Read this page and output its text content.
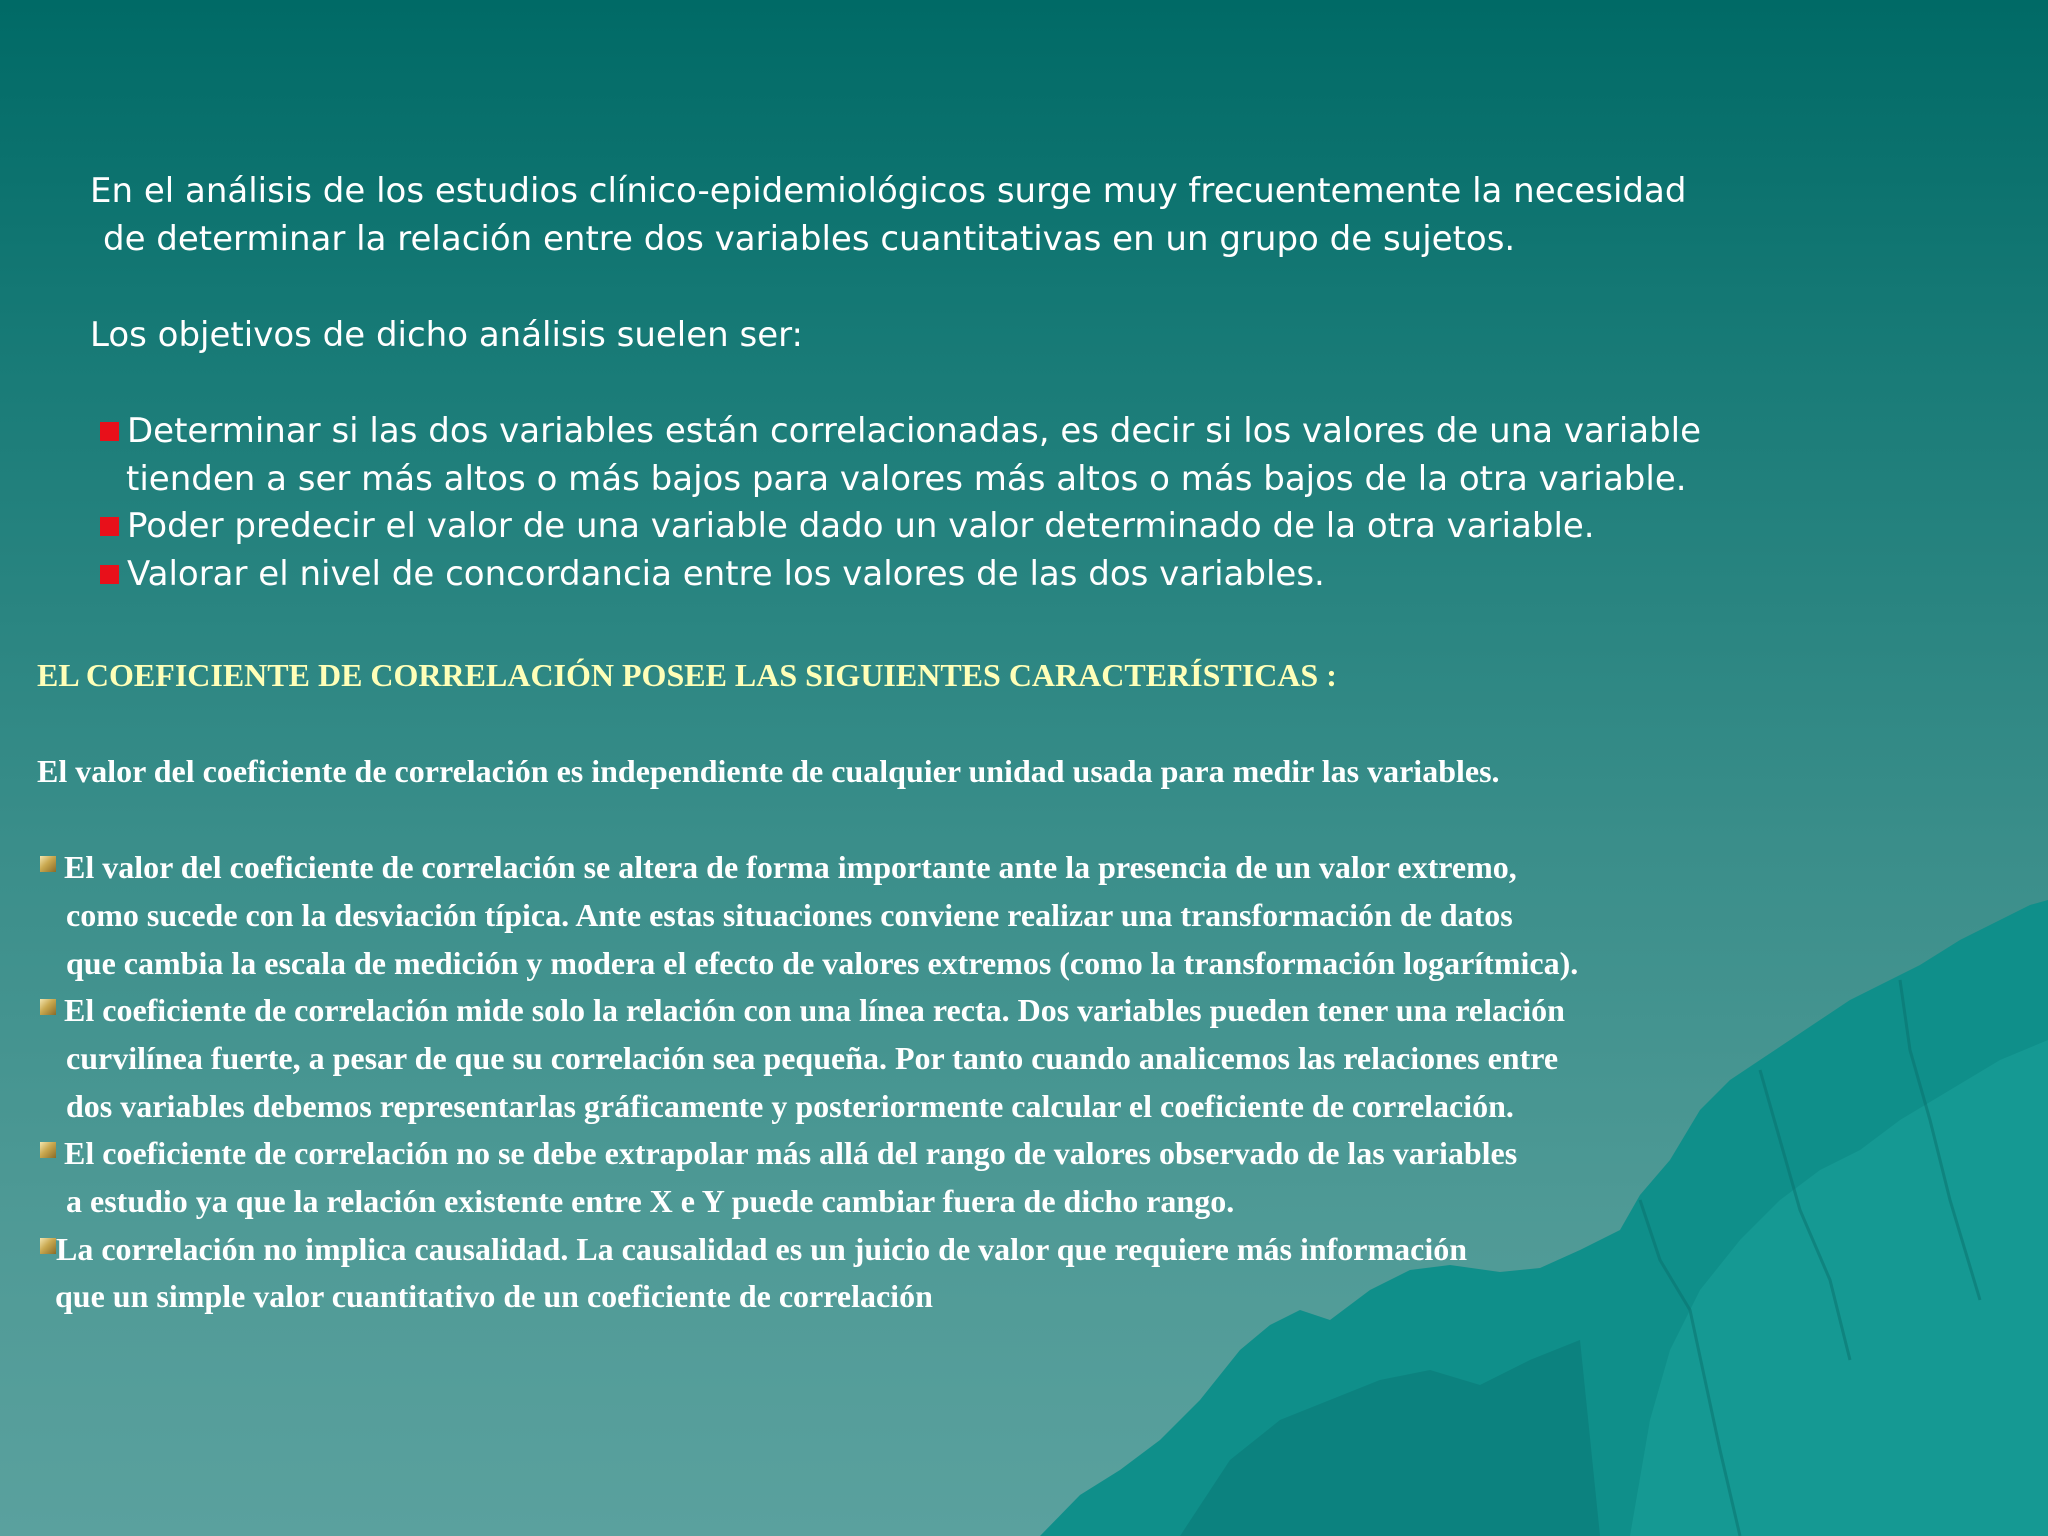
En el análisis de los estudios clínico-epidemiológicos surge muy frecuentemente la necesidad
de determinar la relación entre dos variables cuantitativas en un grupo de sujetos.
Los objetivos de dicho análisis suelen ser:
Determinar si las dos variables están correlacionadas, es decir si los valores de una variable
tienden a ser más altos o más bajos para valores más altos o más bajos de la otra variable.
Poder predecir el valor de una variable dado un valor determinado de la otra variable.
Valorar el nivel de concordancia entre los valores de las dos variables.
EL COEFICIENTE DE CORRELACIÓN POSEE LAS SIGUIENTES CARACTERÍSTICAS :
El valor del coeficiente de correlación es independiente de cualquier unidad usada para medir las variables.
El valor del coeficiente de correlación se altera de forma importante ante la presencia de un valor extremo,
como sucede con la desviación típica. Ante estas situaciones conviene realizar una transformación de datos
que cambia la escala de medición y modera el efecto de valores extremos (como la transformación logarítmica).
El coeficiente de correlación mide solo la relación con una línea recta. Dos variables pueden tener una relación
curvilínea fuerte, a pesar de que su correlación sea pequeña. Por tanto cuando analicemos las relaciones entre
dos variables debemos representarlas gráficamente y posteriormente calcular el coeficiente de correlación.
El coeficiente de correlación no se debe extrapolar más allá del rango de valores observado de las variables
a estudio ya que la relación existente entre X e Y puede cambiar fuera de dicho rango.
La correlación no implica causalidad. La causalidad es un juicio de valor que requiere más información
que un simple valor cuantitativo de un coeficiente de correlación
